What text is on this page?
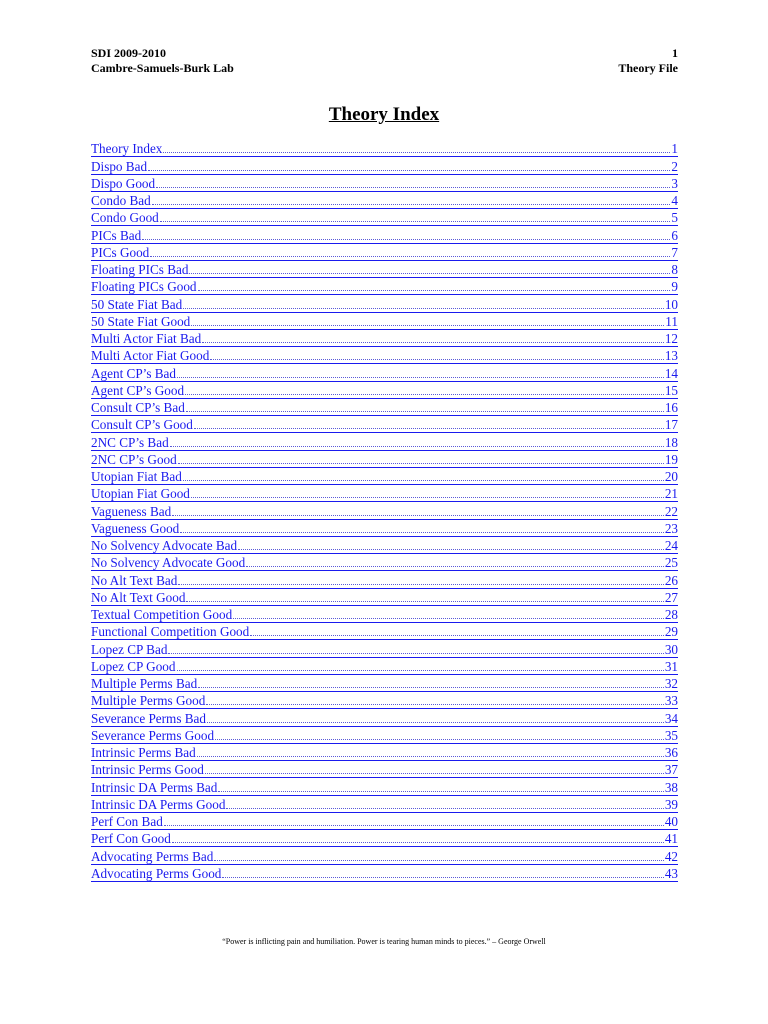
SDI 2009-2010	1
Cambre-Samuels-Burk Lab	Theory File
Theory Index
Theory Index	1
Dispo Bad	2
Dispo Good	3
Condo Bad	4
Condo Good	5
PICs Bad	6
PICs Good	7
Floating PICs Bad	8
Floating PICs Good	9
50 State Fiat Bad	10
50 State Fiat Good	11
Multi Actor Fiat Bad	12
Multi Actor Fiat Good	13
Agent CP’s Bad	14
Agent CP’s Good	15
Consult CP’s Bad	16
Consult CP’s Good	17
2NC CP’s Bad	18
2NC CP’s Good	19
Utopian Fiat Bad	20
Utopian Fiat Good	21
Vagueness Bad	22
Vagueness Good	23
No Solvency Advocate Bad	24
No Solvency Advocate Good	25
No Alt Text Bad	26
No Alt Text Good	27
Textual Competition Good	28
Functional Competition Good	29
Lopez CP Bad	30
Lopez CP Good	31
Multiple Perms Bad	32
Multiple Perms Good	33
Severance Perms Bad	34
Severance Perms Good	35
Intrinsic Perms Bad	36
Intrinsic Perms Good	37
Intrinsic DA Perms Bad	38
Intrinsic DA Perms Good	39
Perf Con Bad	40
Perf Con Good	41
Advocating Perms Bad	42
Advocating Perms Good	43
“Power is inflicting pain and humiliation. Power is tearing human minds to pieces.” – George Orwell
